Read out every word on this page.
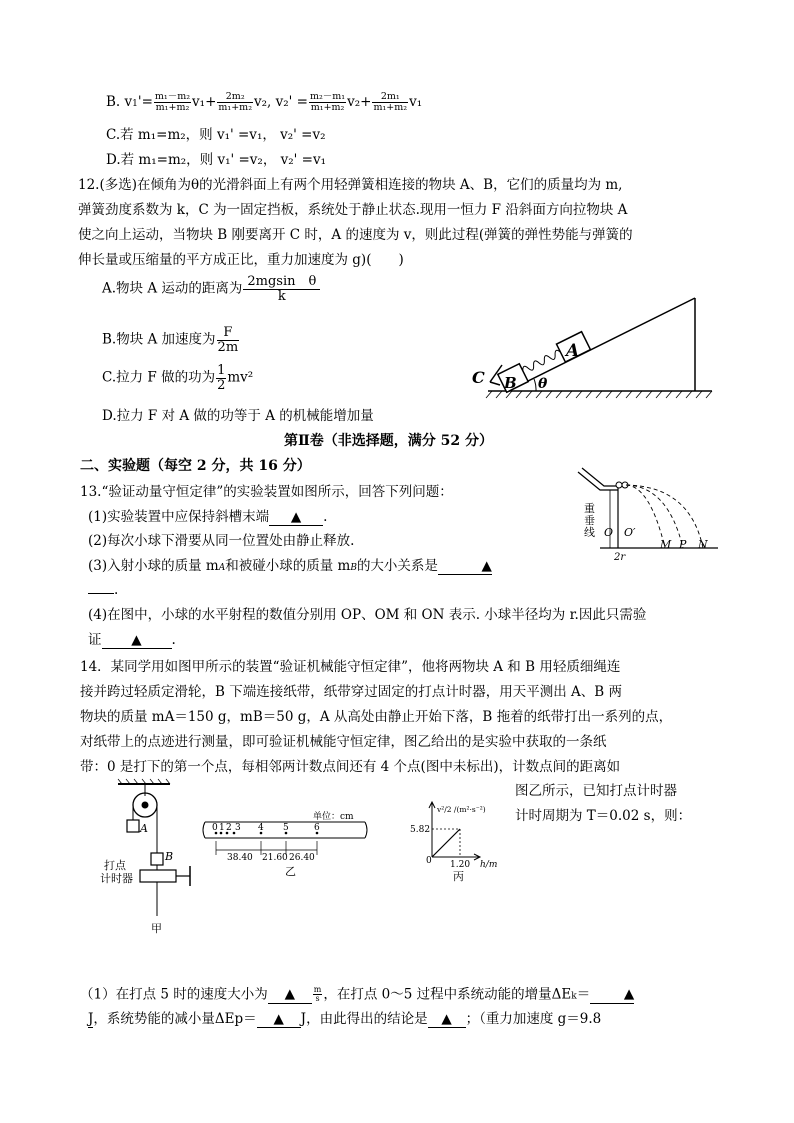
B. $v1'= \frac{\text{m₁－m₂}}{\text{m₁+m₂}} v_1+ \frac{\text{2m₂}}{\text{m₁+m₂}} v_2$, $v_2' = \frac{\text{m₂－m₁}}{\text{m₁+m₂}} v_2+ \frac{\text{2m₁}}{\text{m₁+m₂}} v_1$
C.若 m₁=m₂，则 v₁' =v₁， v₂' =v₂
D.若 m₁=m₂，则 v₁' =v₂， v₂' =v₁
12.(多选)在倾角为θ的光滑斜面上有两个用轻弹簧相连接的物块 A、B，它们的质量均为 m,
弹簧劲度系数为 k，C 为一固定挡板，系统处于静止状态.现用一恒力 F 沿斜面方向拉物块 A
使之向上运动，当物块 B 刚要离开 C 时，A 的速度为 v，则此过程(弹簧的弹性势能与弹簧的
伸长量或压缩量的平方成正比，重力加速度为 g)(　　)
A.物块 A 运动的距离为 $\frac{\text{2mgsin　θ}}{k}$
B.物块 A 加速度为 $\frac{F}{2m}$
C.拉力 F 做的功为 $\frac{1}{2} mv^2$
D.拉力 F 对 A 做的功等于 A 的机械能增加量
A
B
C	θ
第Ⅱ卷（非选择题，满分 52 分）
二、实验题（每空 2 分，共 16 分）
13.“验证动量守恒定律”的实验装置如图所示，回答下列问题：
(1)实验装置中应保持斜槽末端 ▲ .
(2)每次小球下滑要从同一位置处由静止释放.
(3)入射小球的质量 mA和被碰小球的质量 mB的大小关系是	▲
.
(4)在图中，小球的水平射程的数值分别用 OP、OM 和 ON 表示. 小球半径均为 r.因此只需验
证 ▲ .
重
垂
线 O O′
M P N
2r
14．某同学用如图甲所示的装置“验证机械能守恒定律”，他将两物块 A 和 B 用轻质细绳连
接并跨过轻质定滑轮，B 下端连接纸带，纸带穿过固定的打点计时器，用天平测出 A、B 两
物块的质量 mA＝150 g，mB＝50 g，A 从高处由静止开始下落，B 拖着的纸带打出一系列的点，
对纸带上的点迹进行测量，即可验证机械能守恒定律，图乙给出的是实验中获取的一条纸
带：0 是打下的第一个点，每相邻两计数点间还有 4 个点(图中未标出)，计数点间的距离如
图乙所示，已知打点计时器
计时周期为 T＝0.02 s，则：
A
B
打点
计时器
甲
单位：cm
0 1 2 3 4 5	6
38.40 21.60 26.40
乙
v²/2 /(m²·s⁻²)
5.82
1.20
0	h/m
丙
（1）在打点 5 时的速度大小为 ▲ $\frac{m}{s}$ ，在打点 0～5 过程中系统动能的增量ΔEk＝ ▲
J，系统势能的减小量ΔEp＝ ▲ J，由此得出的结论是 ▲ ；（重力加速度 g＝9.8
